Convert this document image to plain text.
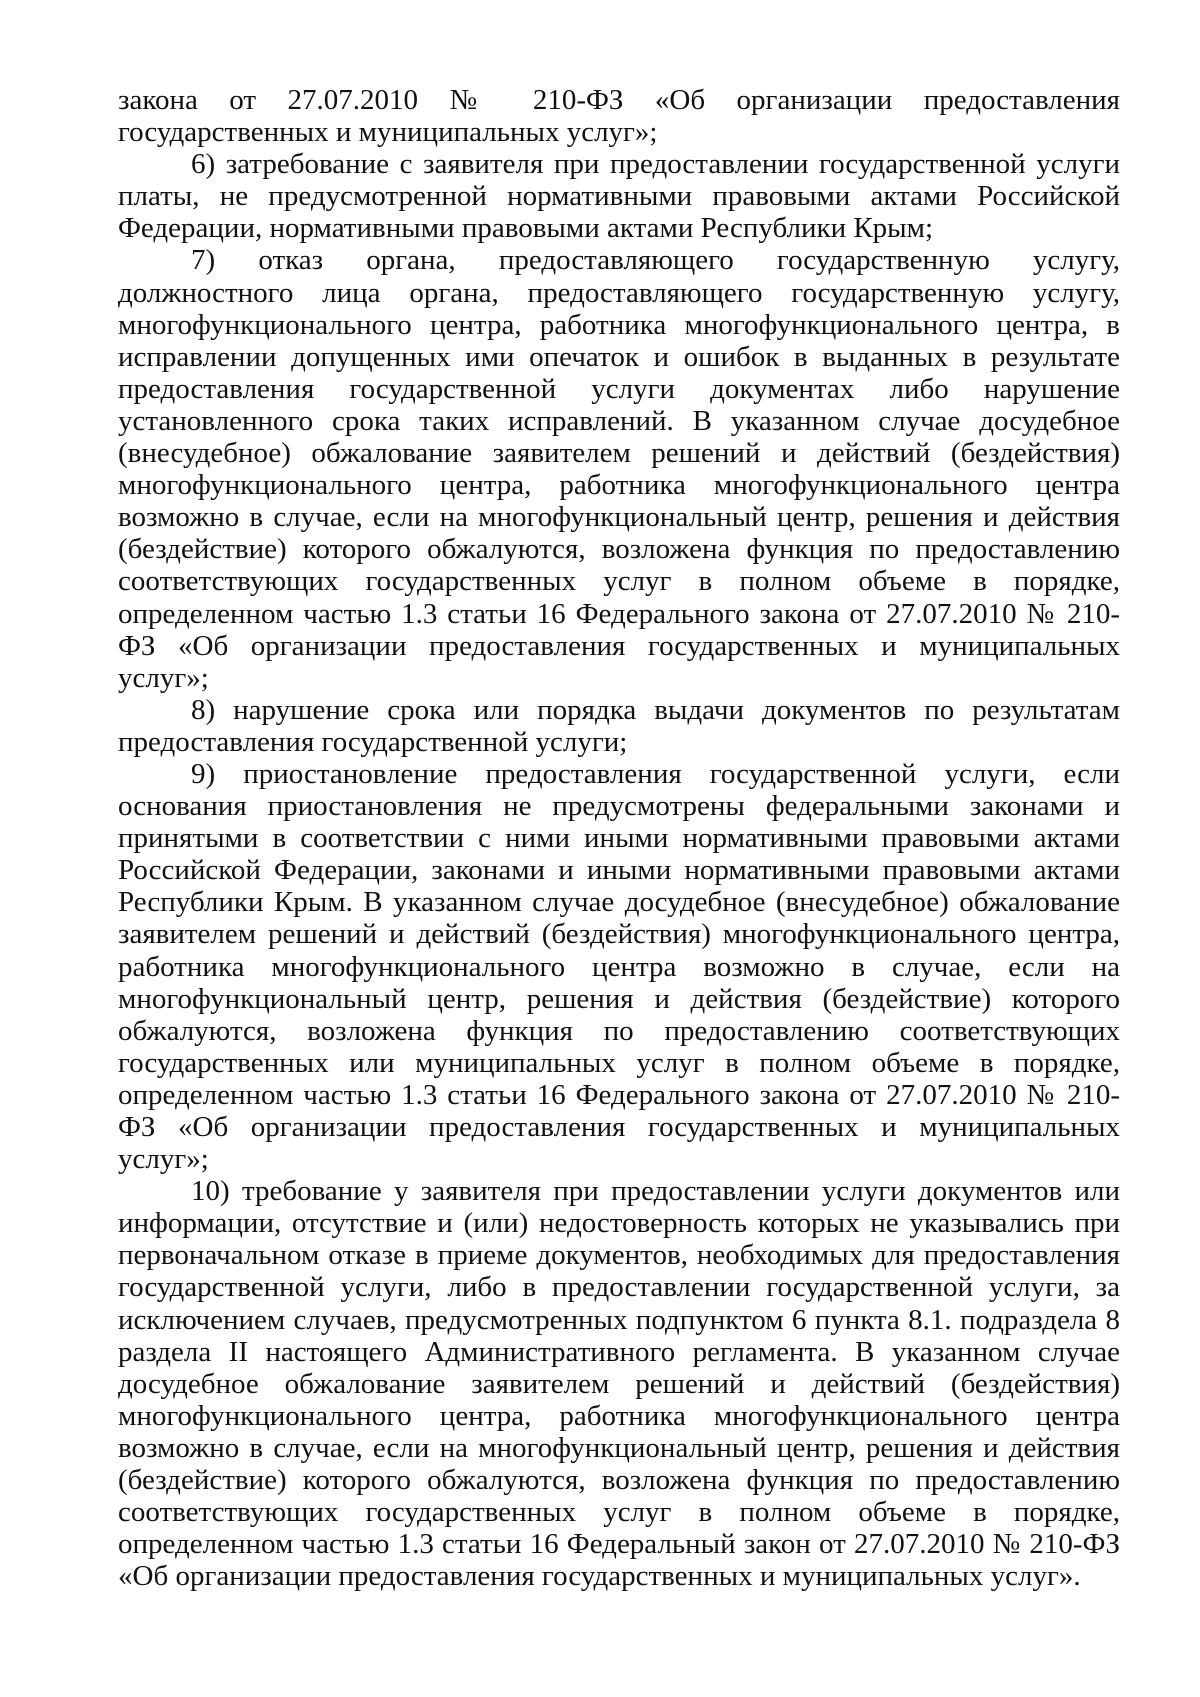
закона от 27.07.2010 № 210-ФЗ «Об организации предоставления государственных и муниципальных услуг»;

6) затребование с заявителя при предоставлении государственной услуги платы, не предусмотренной нормативными правовыми актами Российской Федерации, нормативными правовыми актами Республики Крым;

7) отказ органа, предоставляющего государственную услугу, должностного лица органа, предоставляющего государственную услугу, многофункционального центра, работника многофункционального центра, в исправлении допущенных ими опечаток и ошибок в выданных в результате предоставления государственной услуги документах либо нарушение установленного срока таких исправлений. В указанном случае досудебное (внесудебное) обжалование заявителем решений и действий (бездействия) многофункционального центра, работника многофункционального центра возможно в случае, если на многофункциональный центр, решения и действия (бездействие) которого обжалуются, возложена функция по предоставлению соответствующих государственных услуг в полном объеме в порядке, определенном частью 1.3 статьи 16 Федерального закона от 27.07.2010 № 210-ФЗ «Об организации предоставления государственных и муниципальных услуг»;

8) нарушение срока или порядка выдачи документов по результатам предоставления государственной услуги;

9) приостановление предоставления государственной услуги, если основания приостановления не предусмотрены федеральными законами и принятыми в соответствии с ними иными нормативными правовыми актами Российской Федерации, законами и иными нормативными правовыми актами Республики Крым. В указанном случае досудебное (внесудебное) обжалование заявителем решений и действий (бездействия) многофункционального центра, работника многофункционального центра возможно в случае, если на многофункциональный центр, решения и действия (бездействие) которого обжалуются, возложена функция по предоставлению соответствующих государственных или муниципальных услуг в полном объеме в порядке, определенном частью 1.3 статьи 16 Федерального закона от 27.07.2010 № 210-ФЗ «Об организации предоставления государственных и муниципальных услуг»;

10) требование у заявителя при предоставлении услуги документов или информации, отсутствие и (или) недостоверность которых не указывались при первоначальном отказе в приеме документов, необходимых для предоставления государственной услуги, либо в предоставлении государственной услуги, за исключением случаев, предусмотренных подпунктом 6 пункта 8.1. подраздела 8 раздела II настоящего Административного регламента. В указанном случае досудебное обжалование заявителем решений и действий (бездействия) многофункционального центра, работника многофункционального центра возможно в случае, если на многофункциональный центр, решения и действия (бездействие) которого обжалуются, возложена функция по предоставлению соответствующих государственных услуг в полном объеме в порядке, определенном частью 1.3 статьи 16 Федеральный закон от 27.07.2010 № 210-ФЗ «Об организации предоставления государственных и муниципальных услуг».
